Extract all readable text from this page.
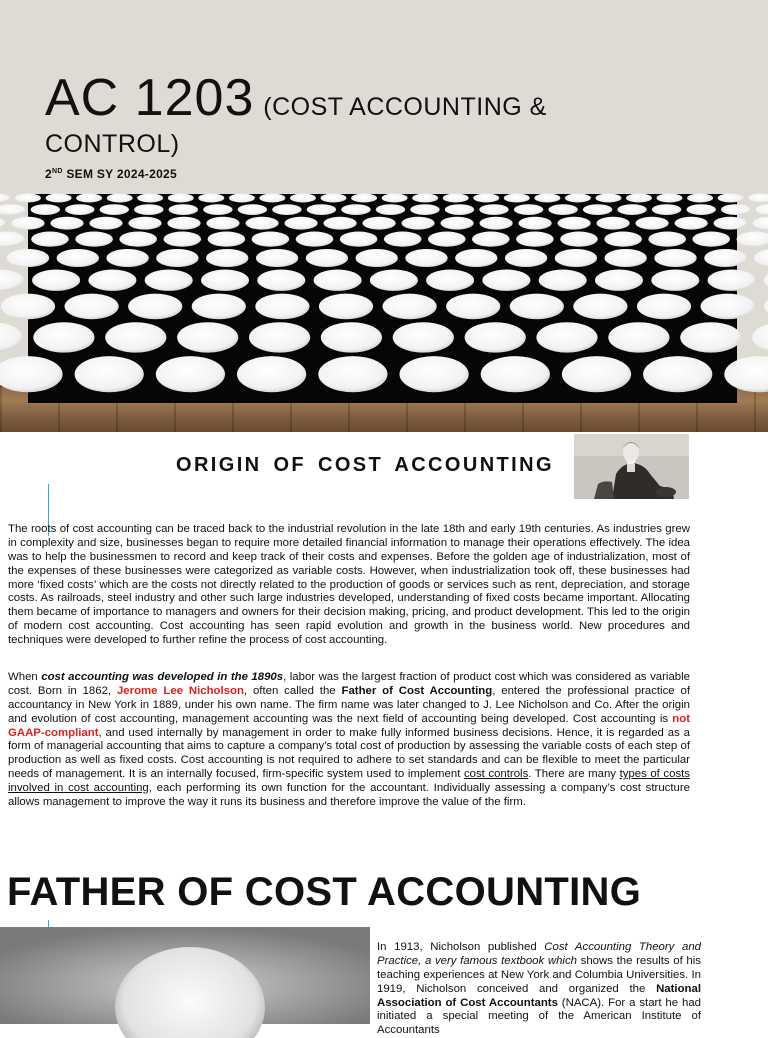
AC 1203 (COST ACCOUNTING &
CONTROL)
2ND SEM SY 2024-2025
ORIGIN OF COST ACCOUNTING

The roots of cost accounting can be traced back to the industrial revolution in the late 18th and early 19th centuries. As industries grew in complexity and size, businesses began to require more detailed financial information to manage their operations effectively. The idea was to help the businessmen to record and keep track of their costs and expenses. Before the golden age of industrialization, most of the expenses of these businesses were categorized as variable costs. However, when industrialization took off, these businesses had more ‘fixed costs’ which are the costs not directly related to the production of goods or services such as rent, depreciation, and storage costs. As railroads, steel industry and other such large industries developed, understanding of fixed costs became important. Allocating them became of importance to managers and owners for their decision making, pricing, and product development. This led to the origin of modern cost accounting. Cost accounting has seen rapid evolution and growth in the business world. New procedures and techniques were developed to further refine the process of cost accounting.

When cost accounting was developed in the 1890s, labor was the largest fraction of product cost which was considered as variable cost. Born in 1862, Jerome Lee Nicholson, often called the Father of Cost Accounting, entered the professional practice of accountancy in New York in 1889, under his own name. The firm name was later changed to J. Lee Nicholson and Co. After the origin and evolution of cost accounting, management accounting was the next field of accounting being developed. Cost accounting is not GAAP-compliant, and used internally by management in order to make fully informed business decisions. Hence, it is regarded as a form of managerial accounting that aims to capture a company’s total cost of production by assessing the variable costs of each step of production as well as fixed costs. Cost accounting is not required to adhere to set standards and can be flexible to meet the particular needs of management. It is an internally focused, firm-specific system used to implement cost controls. There are many types of costs involved in cost accounting, each performing its own function for the accountant. Individually assessing a company’s cost structure allows management to improve the way it runs its business and therefore improve the value of the firm.

FATHER OF COST ACCOUNTING

In 1913, Nicholson published Cost Accounting Theory and Practice, a very famous textbook which shows the results of his teaching experiences at New York and Columbia Universities. In 1919, Nicholson conceived and organized the National Association of Cost Accountants (NACA). For a start he had initiated a special meeting of the American Institute of Accountants
